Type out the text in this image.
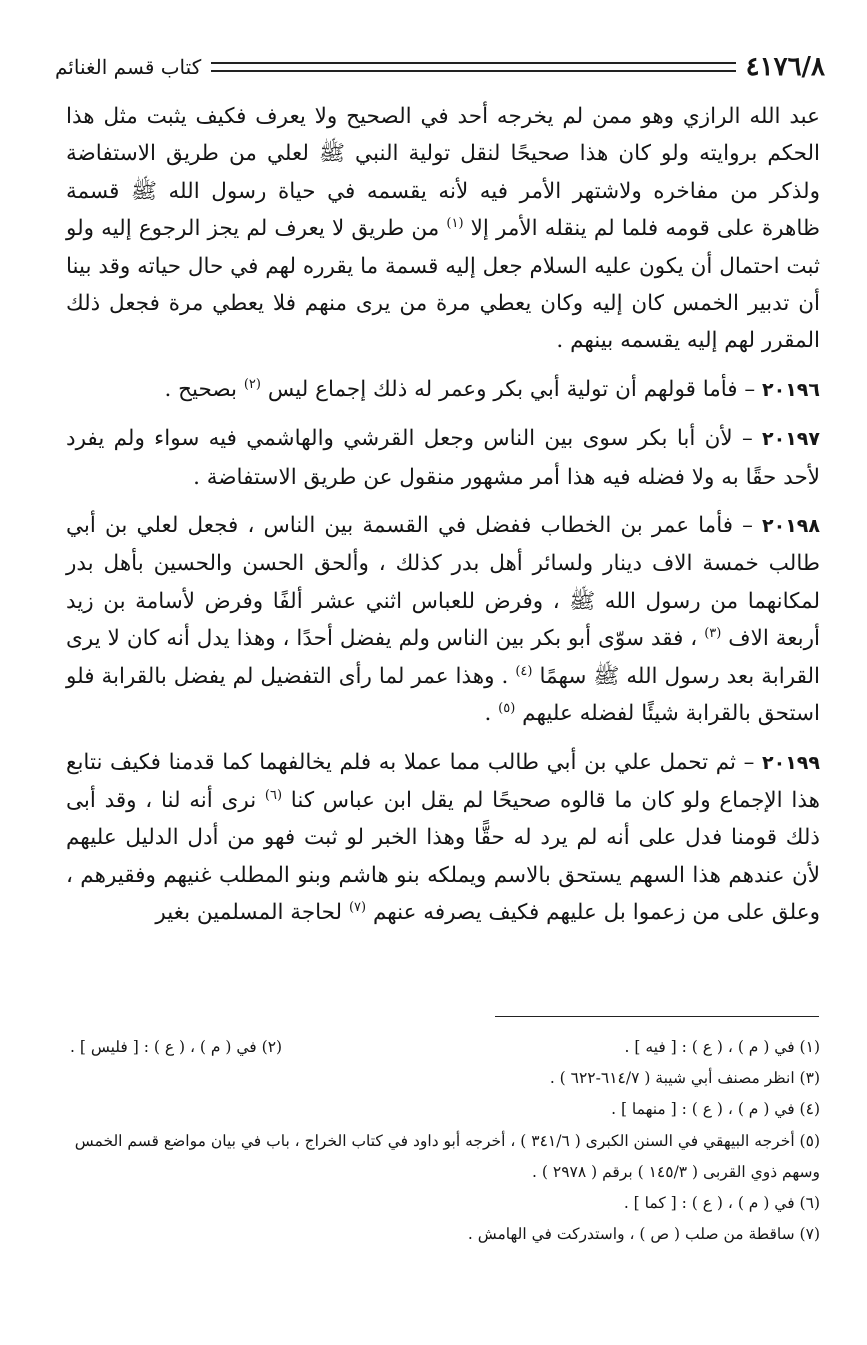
٤١٧٦/٨
كتاب قسم الغنائم

عبد الله الرازي وهو ممن لم يخرجه أحد في الصحيح ولا يعرف فكيف يثبت مثل هذا الحكم بروايته ولو كان هذا صحيحًا لنقل تولية النبي ﷺ لعلي من طريق الاستفاضة ولذكر من مفاخره ولاشتهر الأمر فيه لأنه يقسمه في حياة رسول الله ﷺ قسمة ظاهرة على قومه فلما لم ينقله الأمر إلا $^{(١)}$ من طريق لا يعرف لم يجز الرجوع إليه ولو ثبت احتمال أن يكون عليه السلام جعل إليه قسمة ما يقرره لهم في حال حياته وقد بينا أن تدبير الخمس كان إليه وكان يعطي مرة من يرى منهم فلا يعطي مرة فجعل ذلك المقرر لهم إليه يقسمه بينهم .

٢٠١٩٦ – فأما قولهم أن تولية أبي بكر وعمر له ذلك إجماع ليس $^{(٢)}$ بصحيح .

٢٠١٩٧ – لأن أبا بكر سوى بين الناس وجعل القرشي والهاشمي فيه سواء ولم يفرد لأحد حقًا به ولا فضله فيه هذا أمر مشهور منقول عن طريق الاستفاضة .

٢٠١٩٨ – فأما عمر بن الخطاب ففضل في القسمة بين الناس ، فجعل لعلي بن أبي طالب خمسة الاف دينار ولسائر أهل بدر كذلك ، وألحق الحسن والحسين بأهل بدر لمكانهما من رسول الله ﷺ ، وفرض للعباس اثني عشر ألفًا وفرض لأسامة بن زيد أربعة الاف $^{(٣)}$ ، فقد سوّى أبو بكر بين الناس ولم يفضل أحدًا ، وهذا يدل أنه كان لا يرى القرابة بعد رسول الله ﷺ سهمًا $^{(٤)}$ . وهذا عمر لما رأى التفضيل لم يفضل بالقرابة فلو استحق بالقرابة شيئًا لفضله عليهم $^{(٥)}$ .

٢٠١٩٩ – ثم تحمل علي بن أبي طالب مما عملا به فلم يخالفهما كما قدمنا فكيف نتابع هذا الإجماع ولو كان ما قالوه صحيحًا لم يقل ابن عباس كنا $^{(٦)}$ نرى أنه لنا ، وقد أبى ذلك قومنا فدل على أنه لم يرد له حقًّا وهذا الخبر لو ثبت فهو من أدل الدليل عليهم لأن عندهم هذا السهم يستحق بالاسم ويملكه بنو هاشم وبنو المطلب غنيهم وفقيرهم ، وعلق على من زعموا بل عليهم فكيف يصرفه عنهم $^{(٧)}$ لحاجة المسلمين بغير

(١) في ( م ) ، ( ع ) : [ فيه ] .
(٢) في ( م ) ، ( ع ) : [ فليس ] .
(٣) انظر مصنف أبي شيبة ( ٦١٤/٧-٦٢٢ ) .
(٤) في ( م ) ، ( ع ) : [ منهما ] .
(٥) أخرجه البيهقي في السنن الكبرى ( ٣٤١/٦ ) ، أخرجه أبو داود في كتاب الخراج ، باب في بيان مواضع قسم الخمس وسهم ذوي القربى ( ١٤٥/٣ ) برقم ( ٢٩٧٨ ) .
(٦) في ( م ) ، ( ع ) : [ كما ] .
(٧) ساقطة من صلب ( ص ) ، واستدركت في الهامش .
